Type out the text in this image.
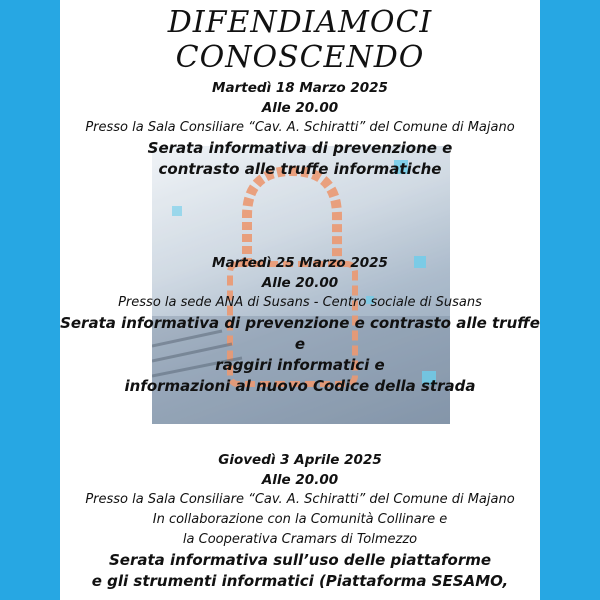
DIFENDIAMOCI CONOSCENDO
Martedì 18 Marzo 2025
Alle 20.00
Presso la Sala Consiliare “Cav. A. Schiratti” del Comune di Majano
Serata informativa di prevenzione e
contrasto alle truffe informatiche
Martedì 25 Marzo 2025
Alle 20.00
Presso la sede ANA di Susans - Centro sociale di Susans
Serata informativa di prevenzione e contrasto alle truffe e
raggiri informatici e
informazioni al nuovo Codice della strada
Giovedì 3 Aprile 2025
Alle 20.00
Presso la Sala Consiliare “Cav. A. Schiratti” del Comune di Majano
In collaborazione con la Comunità Collinare e
la Cooperativa Cramars di Tolmezzo
Serata informativa sull’uso delle piattaforme
e gli strumenti informatici (Piattaforma SESAMO,
